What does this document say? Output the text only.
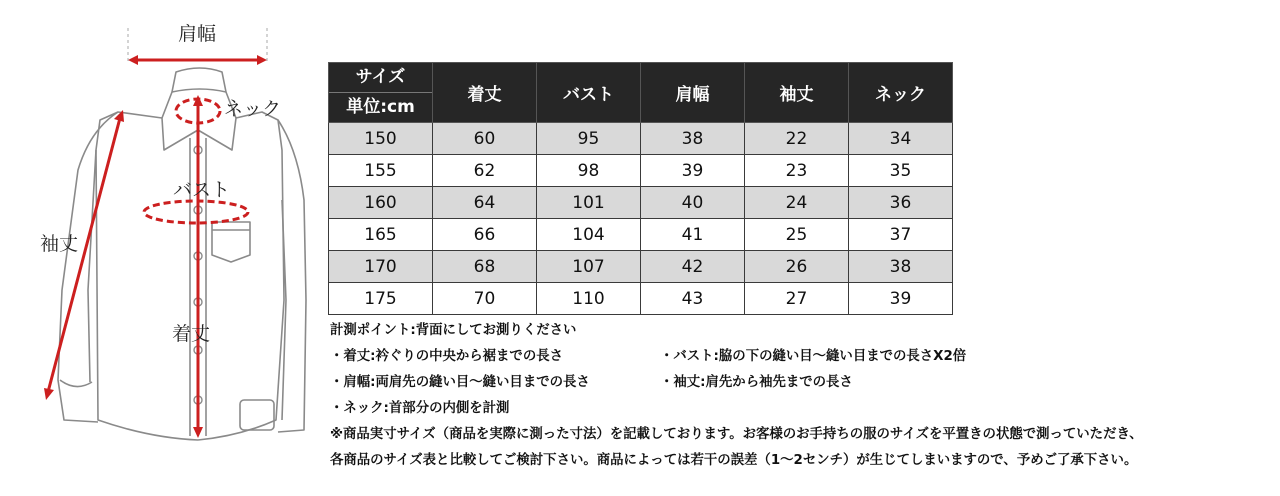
肩幅
ネック
バスト
袖丈
着丈
サイズ
単位:cm	着丈	バスト	肩幅	袖丈	ネック
150	60	95	38	22	34
155	62	98	39	23	35
160	64	101	40	24	36
165	66	104	41	25	37
170	68	107	42	26	38
175	70	110	43	27	39
計測ポイント:背面にしてお測りください
・着丈:衿ぐりの中央から裾までの長さ	・バスト:脇の下の縫い目～縫い目までの長さX2倍
・肩幅:両肩先の縫い目～縫い目までの長さ	・袖丈:肩先から袖先までの長さ
・ネック:首部分の内側を計測
※商品実寸サイズ（商品を実際に測った寸法）を記載しております。お客様のお手持ちの服のサイズを平置きの状態で測っていただき、
各商品のサイズ表と比較してご検討下さい。商品によっては若干の誤差（1～2センチ）が生じてしまいますので、予めご了承下さい。
